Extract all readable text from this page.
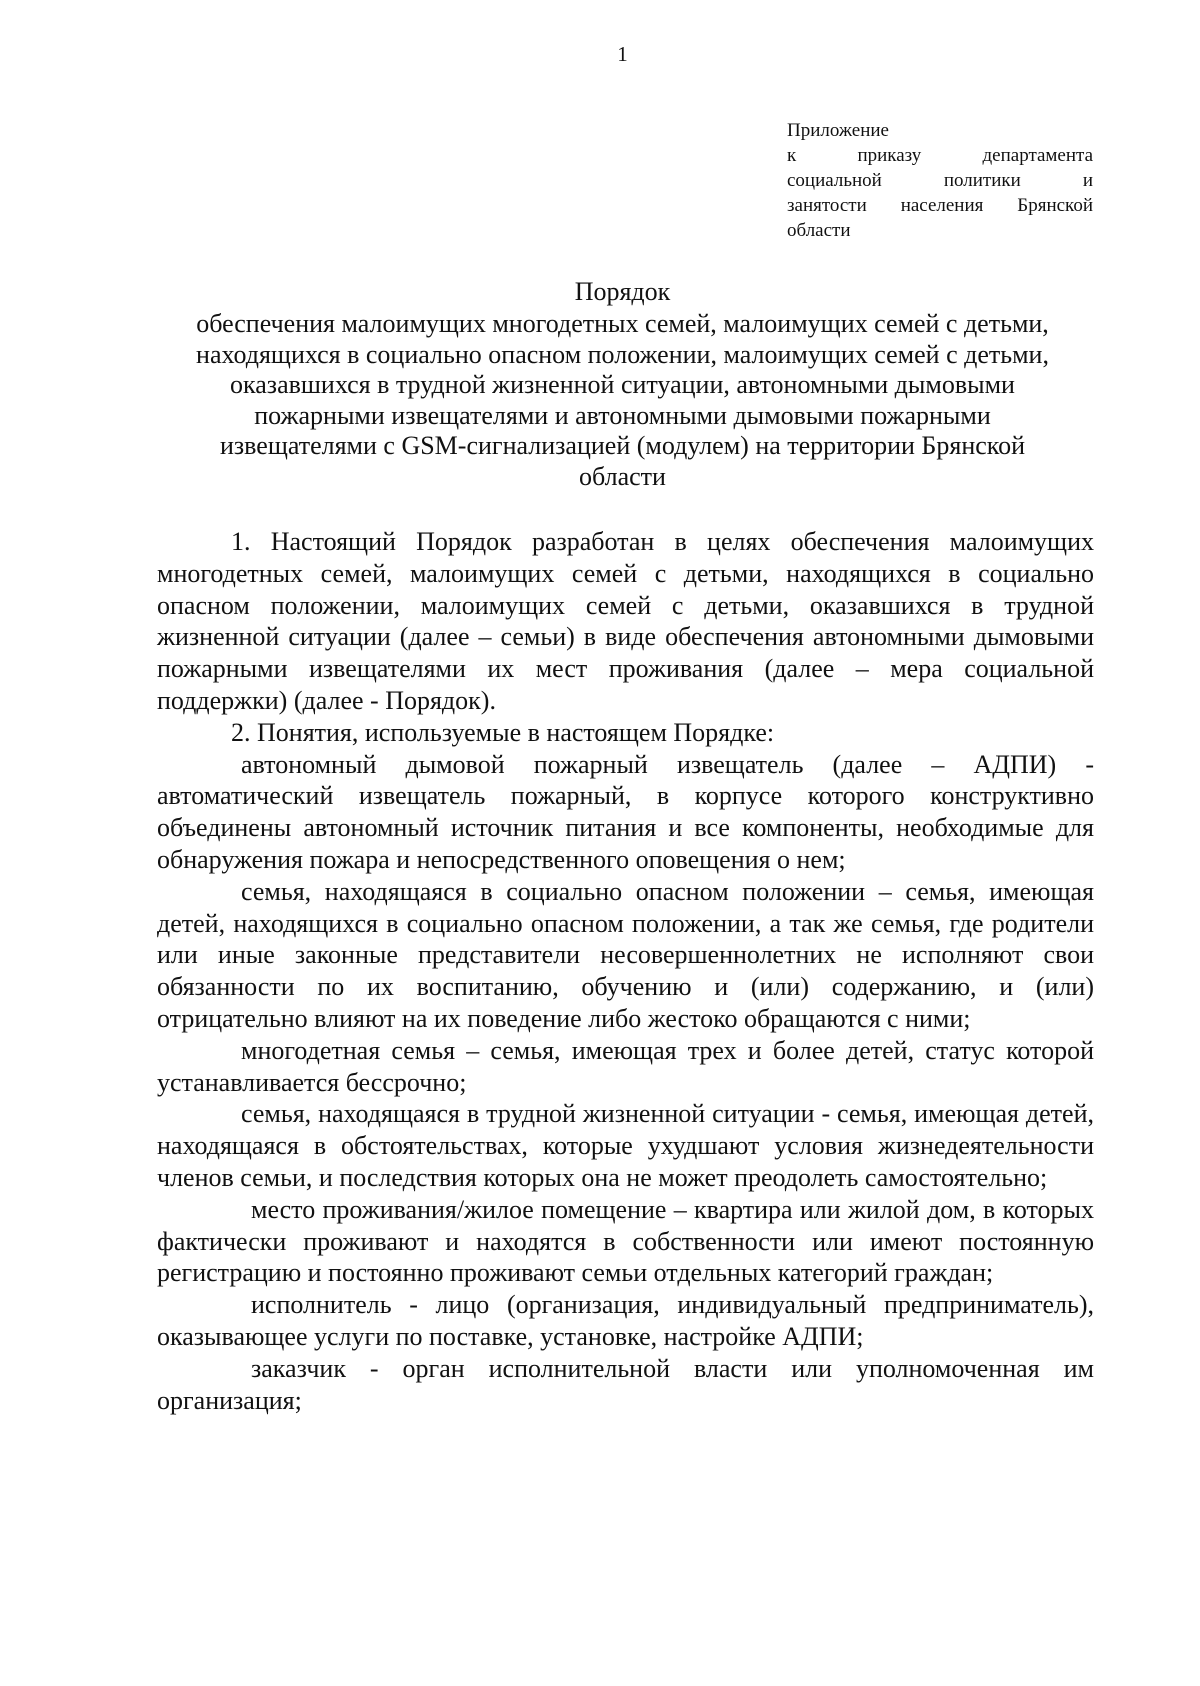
1
Приложение
к приказу департамента
социальной политики и
занятости населения Брянской
области
Порядок
обеспечения малоимущих многодетных семей, малоимущих семей с детьми,
находящихся в социально опасном положении, малоимущих семей с детьми,
оказавшихся в трудной жизненной ситуации, автономными дымовыми
пожарными извещателями и автономными дымовыми пожарными
извещателями с GSM-сигнализацией (модулем) на территории Брянской
области
1. Настоящий Порядок разработан в целях обеспечения малоимущих многодетных семей, малоимущих семей с детьми, находящихся в социально опасном положении, малоимущих семей с детьми, оказавшихся в трудной жизненной ситуации (далее – семьи) в виде обеспечения автономными дымовыми пожарными извещателями их мест проживания (далее – мера социальной поддержки) (далее - Порядок).
2. Понятия, используемые в настоящем Порядке:
автономный дымовой пожарный извещатель (далее – АДПИ) - автоматический извещатель пожарный, в корпусе которого конструктивно объединены автономный источник питания и все компоненты, необходимые для обнаружения пожара и непосредственного оповещения о нем;
семья, находящаяся в социально опасном положении – семья, имеющая детей, находящихся в социально опасном положении, а так же семья, где родители или иные законные представители несовершеннолетних не исполняют свои обязанности по их воспитанию, обучению и (или) содержанию, и (или) отрицательно влияют на их поведение либо жестоко обращаются с ними;
многодетная семья – семья, имеющая трех и более детей, статус которой устанавливается бессрочно;
семья, находящаяся в трудной жизненной ситуации - семья, имеющая детей, находящаяся в обстоятельствах, которые ухудшают условия жизнедеятельности членов семьи, и последствия которых она не может преодолеть самостоятельно;
место проживания/жилое помещение – квартира или жилой дом, в которых фактически проживают и находятся в собственности или имеют постоянную регистрацию и постоянно проживают семьи отдельных категорий граждан;
исполнитель - лицо (организация, индивидуальный предприниматель), оказывающее услуги по поставке, установке, настройке АДПИ;
заказчик - орган исполнительной власти или уполномоченная им организация;
